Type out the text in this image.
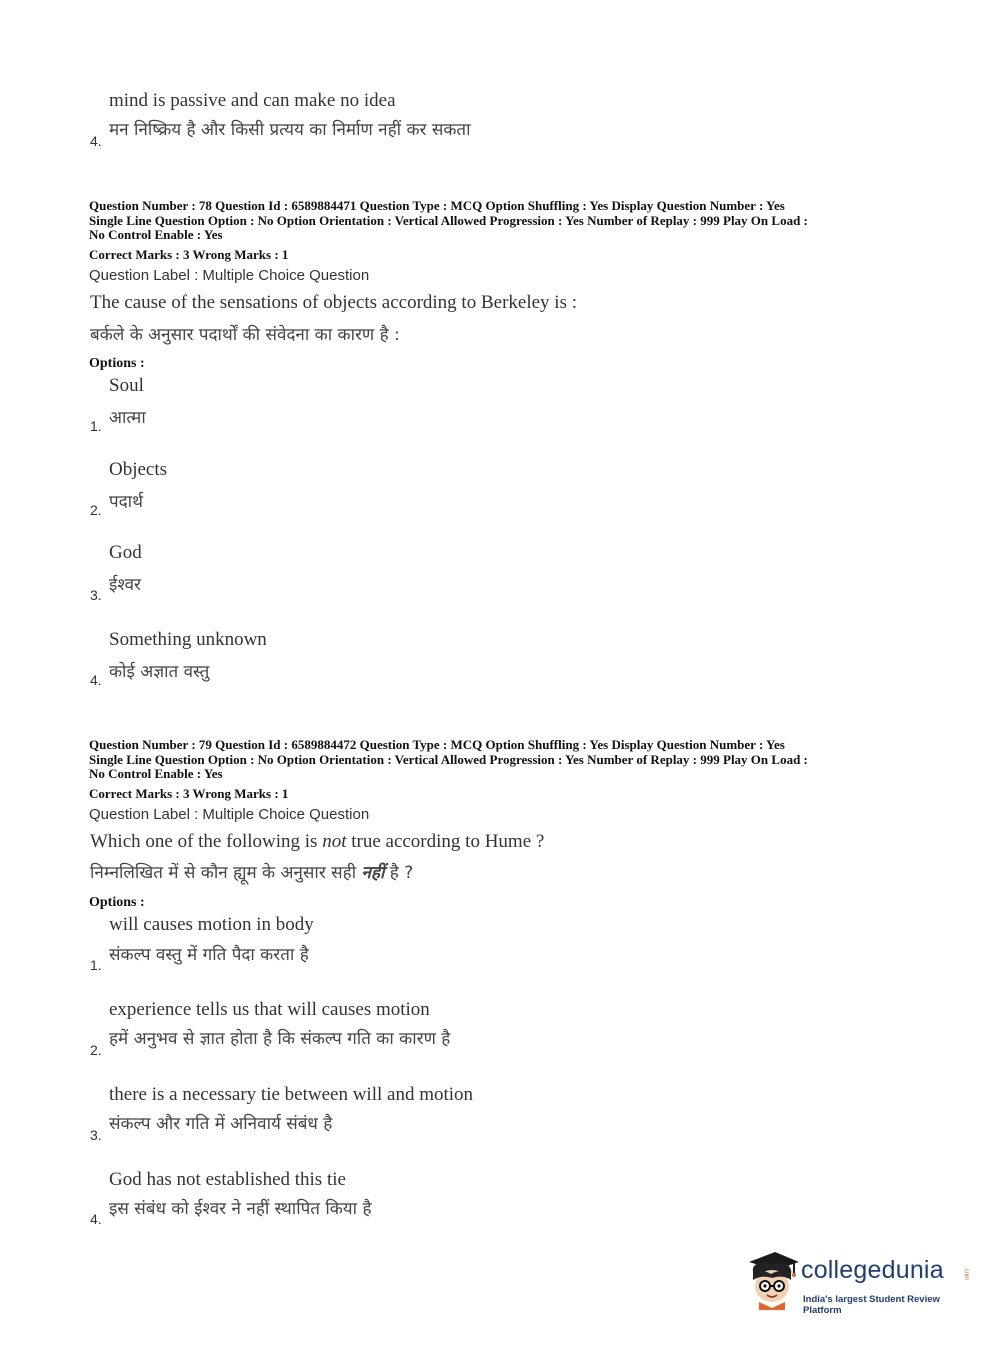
mind is passive and can make no idea
मन निष्क्रिय है और किसी प्रत्यय का निर्माण नहीं कर सकता
4.
Question Number : 78 Question Id : 6589884471 Question Type : MCQ Option Shuffling : Yes Display Question Number : Yes
Single Line Question Option : No Option Orientation : Vertical Allowed Progression : Yes Number of Replay : 999 Play On Load :
No Control Enable : Yes
Correct Marks : 3 Wrong Marks : 1
Question Label : Multiple Choice Question
The cause of the sensations of objects according to Berkeley is :
बर्कले के अनुसार पदार्थों की संवेदना का कारण है :
Options :
Soul
आत्मा
1.
Objects
पदार्थ
2.
God
ईश्वर
3.
Something unknown
कोई अज्ञात वस्तु
4.
Question Number : 79 Question Id : 6589884472 Question Type : MCQ Option Shuffling : Yes Display Question Number : Yes
Single Line Question Option : No Option Orientation : Vertical Allowed Progression : Yes Number of Replay : 999 Play On Load :
No Control Enable : Yes
Correct Marks : 3 Wrong Marks : 1
Question Label : Multiple Choice Question
Which one of the following is not true according to Hume ?
निम्नलिखित में से कौन ह्यूम के अनुसार सही नहीं है ?
Options :
will causes motion in body
संकल्प वस्तु में गति पैदा करता है
1.
experience tells us that will causes motion
हमें अनुभव से ज्ञात होता है कि संकल्प गति का कारण है
2.
there is a necessary tie between will and motion
संकल्प और गति में अनिवार्य संबंध है
3.
God has not established this tie
इस संबंध को ईश्वर ने नहीं स्थापित किया है
4.
collegedunia	.com
India's largest Student Review Platform
